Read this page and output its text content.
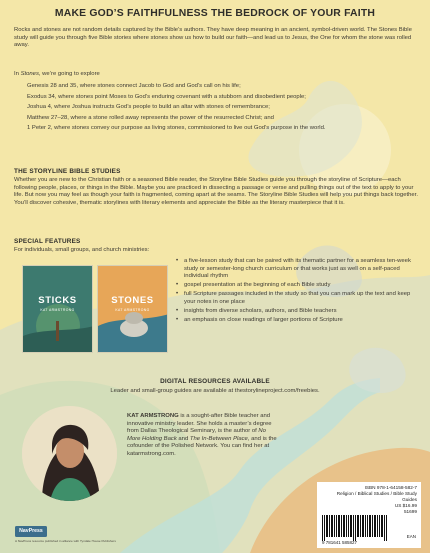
MAKE GOD’S FAITHFULNESS THE BEDROCK OF YOUR FAITH
Rocks and stones are not random details captured by the Bible’s authors. They have deep meaning in an ancient, symbol-driven world. The Stones Bible study will guide you through five Bible stories where stones show us how to build our faith—and lead us to Jesus, the One for whom the stone was rolled away.
In Stones, we’re going to explore
Genesis 28 and 35, where stones connect Jacob to God and God’s call on his life;
Exodus 34, where stones point Moses to God’s enduring covenant with a stubborn and disobedient people;
Joshua 4, where Joshua instructs God’s people to build an altar with stones of remembrance;
Matthew 27–28, where a stone rolled away represents the power of the resurrected Christ; and
1 Peter 2, where stones convey our purpose as living stones, commissioned to live out God’s purpose in the world.
THE STORYLINE BIBLE STUDIES
Whether you are new to the Christian faith or a seasoned Bible reader, the Storyline Bible Studies guide you through the storyline of Scripture—each following people, places, or things in the Bible. Maybe you are practiced in dissecting a passage or verse and pulling things out of the text to apply to your life. But now you may feel as though your faith is fragmented, coming apart at the seams. The Storyline Bible Studies will help you put things back together. You’ll discover cohesive, thematic storylines with literary elements and appreciate the Bible as the literary masterpiece that it is.
SPECIAL FEATURES
For individuals, small groups, and church ministries:
STICKS
KAT ARMSTRONG
STONES
KAT ARMSTRONG
• a five-lesson study that can be paired with its thematic partner for a seamless ten-week study or semester-long church curriculum or that works just as well on a self-paced individual rhythm
• gospel presentation at the beginning of each Bible study
• full Scripture passages included in the study so that you can mark up the text and keep your notes in one place
• insights from diverse scholars, authors, and Bible teachers
• an emphasis on close readings of larger portions of Scripture
DIGITAL RESOURCES AVAILABLE
Leader and small-group guides are available at thestoryline​project.com/freebies.
KAT ARMSTRONG is a sought-after Bible teacher and innovative ministry leader. She holds a master’s degree from Dallas Theological Seminary, is the author of No More Holding Back and The In-Between Place, and is the cofounder of the Polished Network. You can find her at katarmstrong.com.
ISBN 978-1-64158-582-7
Religion / Biblical Studies / Bible Study
Guides
US $16.99
51699
9 781641 585827
EAN
NavPress
A NavPress resource published in alliance with Tyndale House Publishers
